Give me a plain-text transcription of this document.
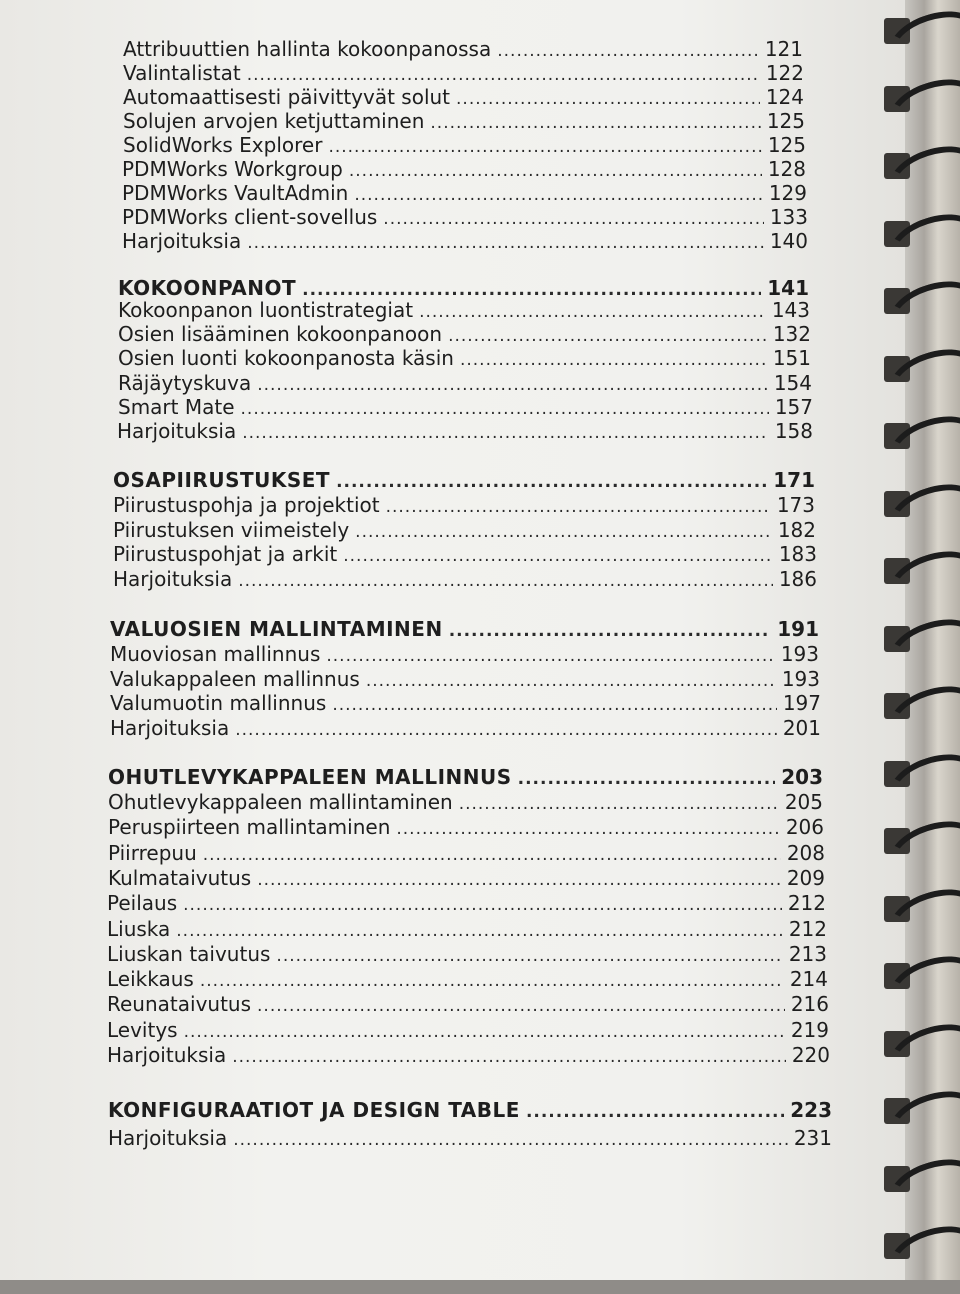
Attribuuttien hallinta kokoonpanossa .....	121
Valintalistat .....	122
Automaattisesti päivittyvät solut .....	124
Solujen arvojen ketjuttaminen .....	125
SolidWorks Explorer .....	125
PDMWorks Workgroup .....	128
PDMWorks VaultAdmin .....	129
PDMWorks client-sovellus .....	133
Harjoituksia .....	140
KOKOONPANOT .....	141
Kokoonpanon luontistrategiat .....	143
Osien lisääminen kokoonpanoon .....	132
Osien luonti kokoonpanosta käsin .....	151
Räjäytyskuva .....	154
Smart Mate .....	157
Harjoituksia .....	158
OSAPIIRUSTUKSET .....	171
Piirustuspohja ja projektiot .....	173
Piirustuksen viimeistely .....	182
Piirustuspohjat ja arkit .....	183
Harjoituksia .....	186
VALUOSIEN MALLINTAMINEN .....	191
Muoviosan mallinnus .....	193
Valukappaleen mallinnus .....	193
Valumuotin mallinnus .....	197
Harjoituksia .....	201
OHUTLEVYKAPPALEEN MALLINNUS .....	203
Ohutlevykappaleen mallintaminen .....	205
Peruspiirteen mallintaminen .....	206
Piirrepuu .....	208
Kulmataivutus .....	209
Peilaus .....	212
Liuska .....	212
Liuskan taivutus .....	213
Leikkaus .....	214
Reunataivutus .....	216
Levitys .....	219
Harjoituksia .....	220
KONFIGURAATIOT JA DESIGN TABLE .....	223
Harjoituksia .....	231
